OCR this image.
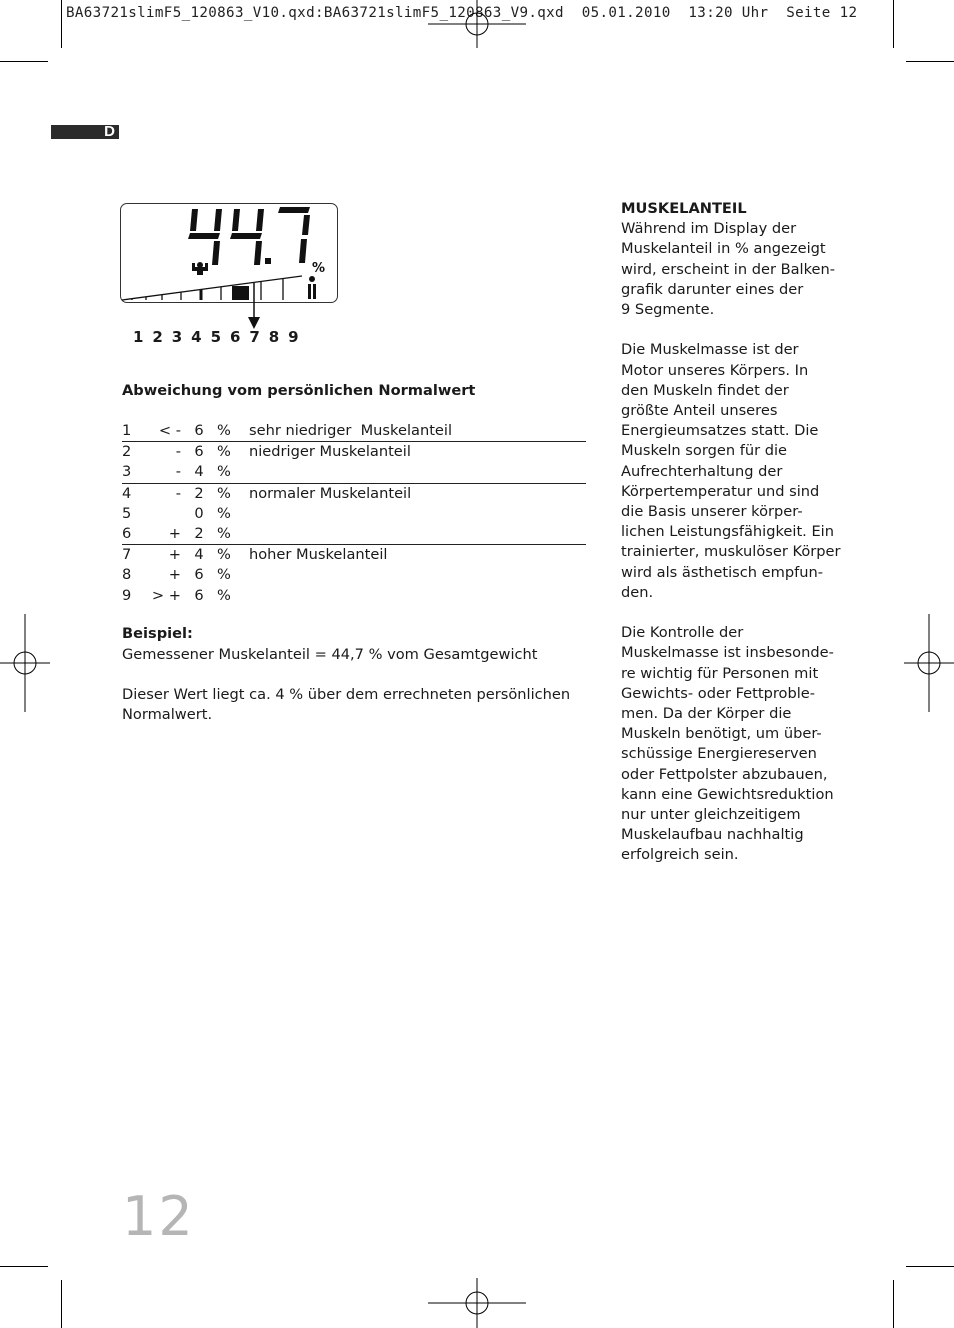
BA63721slimF5_120863_V10.qxd:BA63721slimF5_120863_V9.qxd  05.01.2010  13:20 Uhr  Seite 12
D
%
1 2 3 4 5 6 7 8 9
Abweichung vom persönlichen Normalwert
1 < - 6 % sehr niedriger  Muskelanteil
2	- 6 % niedriger Muskelanteil
3	- 4 %
4	- 2 % normaler Muskelanteil
5	0 %
6	+ 2 %
7	+ 4 % hoher Muskelanteil
8	+ 6 %
9 > + 6 %
Beispiel:
Gemessener Muskelanteil = 44,7 % vom Gesamtgewicht
Dieser Wert liegt ca. 4 % über dem errechneten persönlichen
Normalwert.

MUSKELANTEIL

Während im Display der
Muskelanteil in % angezeigt
wird, erscheint in der Balken-
grafik darunter eines der
9 Segmente.
Die Muskelmasse ist der
Motor unseres Körpers. In
den Muskeln findet der
größte Anteil unseres
Energieumsatzes statt. Die
Muskeln sorgen für die
Aufrechterhaltung der
Körpertemperatur und sind
die Basis unserer körper-
lichen Leistungsfähigkeit. Ein
trainierter, muskulöser Körper
wird als ästhetisch empfun-
den.
Die Kontrolle der
Muskelmasse ist insbesonde-
re wichtig für Personen mit
Gewichts- oder Fettproble-
men. Da der Körper die
Muskeln benötigt, um über-
schüssige Energiereserven
oder Fettpolster abzubauen,
kann eine Gewichtsreduktion
nur unter gleichzeitigem
Muskelaufbau nachhaltig
erfolgreich sein.
12
